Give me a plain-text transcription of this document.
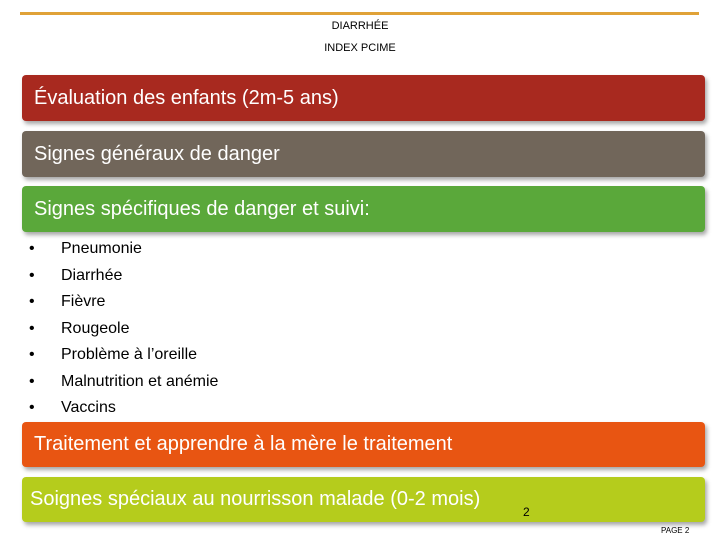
DIARRHÉE
INDEX PCIME
Évaluation des enfants (2m-5 ans)
Signes généraux de danger
Signes spécifiques de danger et suivi:
•	Pneumonie
•	Diarrhée
•	Fièvre
•	Rougeole
•	Problème à l’oreille
•	Malnutrition et anémie
•	Vaccins
Traitement et apprendre à la mère le traitement
Soignes spéciaux au nourrisson malade (0-2 mois)
2
PAGE 2
